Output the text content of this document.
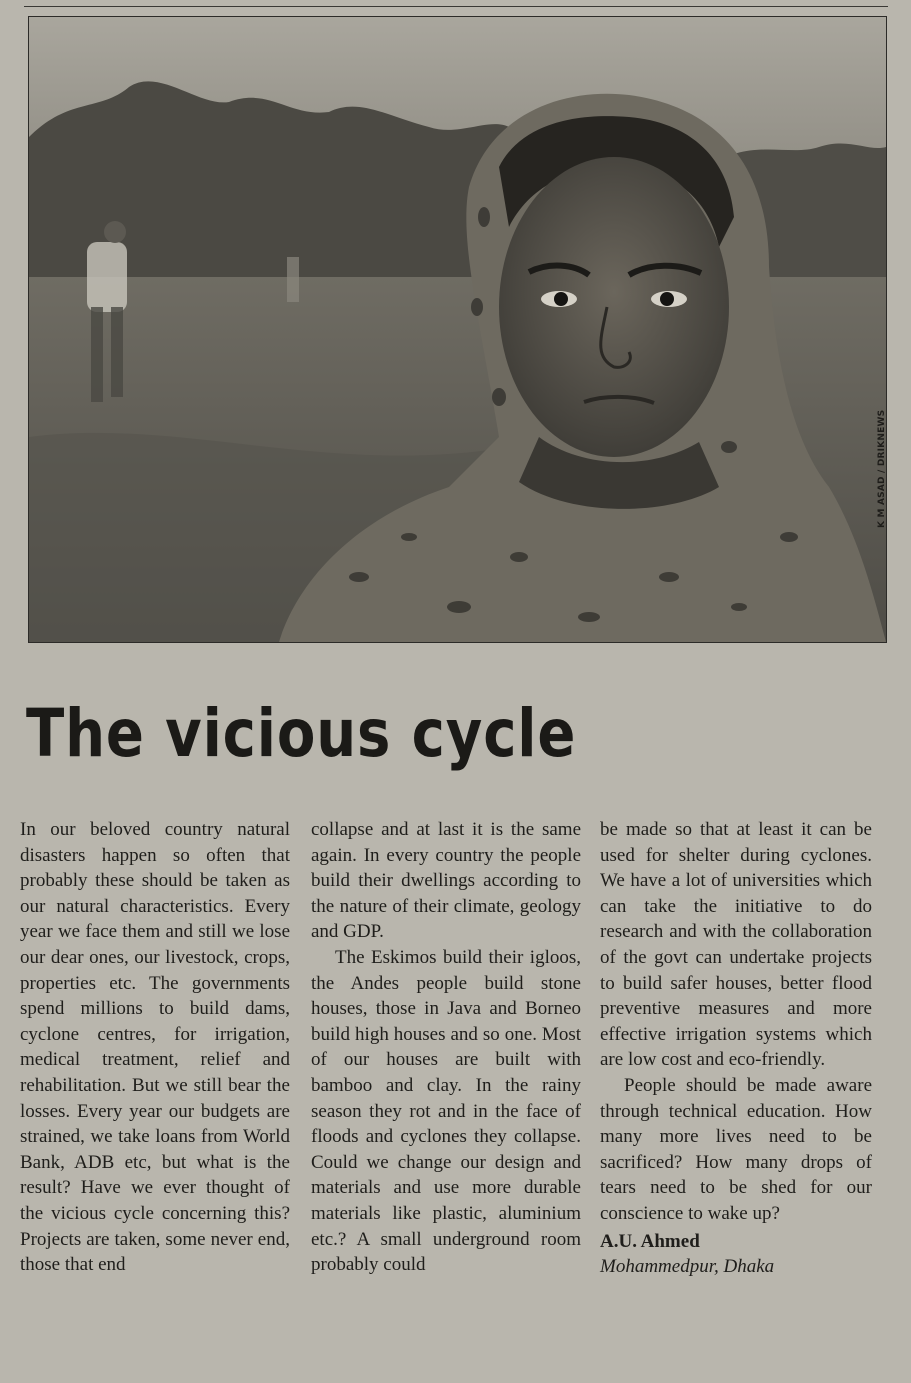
K M ASAD / DRIKNEWS
The vicious cycle

In our beloved country natural disasters happen so often that probably these should be taken as our natural characteristics. Every year we face them and still we lose our dear ones, our livestock, crops, properties etc. The governments spend millions to build dams, cyclone centres, for irrigation, medical treatment, relief and rehabilitation. But we still bear the losses. Every year our budgets are strained, we take loans from World Bank, ADB etc, but what is the result? Have we ever thought of the vicious cycle concerning this? Projects are taken, some never end, those that end

collapse and at last it is the same again. In every country the people build their dwellings according to the nature of their climate, geology and GDP.

The Eskimos build their igloos, the Andes people build stone houses, those in Java and Borneo build high houses and so one. Most of our houses are built with bamboo and clay. In the rainy season they rot and in the face of floods and cyclones they collapse. Could we change our design and materials and use more durable materials like plastic, aluminium etc.? A small underground room probably could

be made so that at least it can be used for shelter during cyclones. We have a lot of universities which can take the initiative to do research and with the collaboration of the govt can undertake projects to build safer houses, better flood preventive measures and more effective irrigation systems which are low cost and eco-friendly.

People should be made aware through technical education. How many more lives need to be sacrificed? How many drops of tears need to be shed for our conscience to wake up?

A.U. Ahmed
Mohammedpur, Dhaka
